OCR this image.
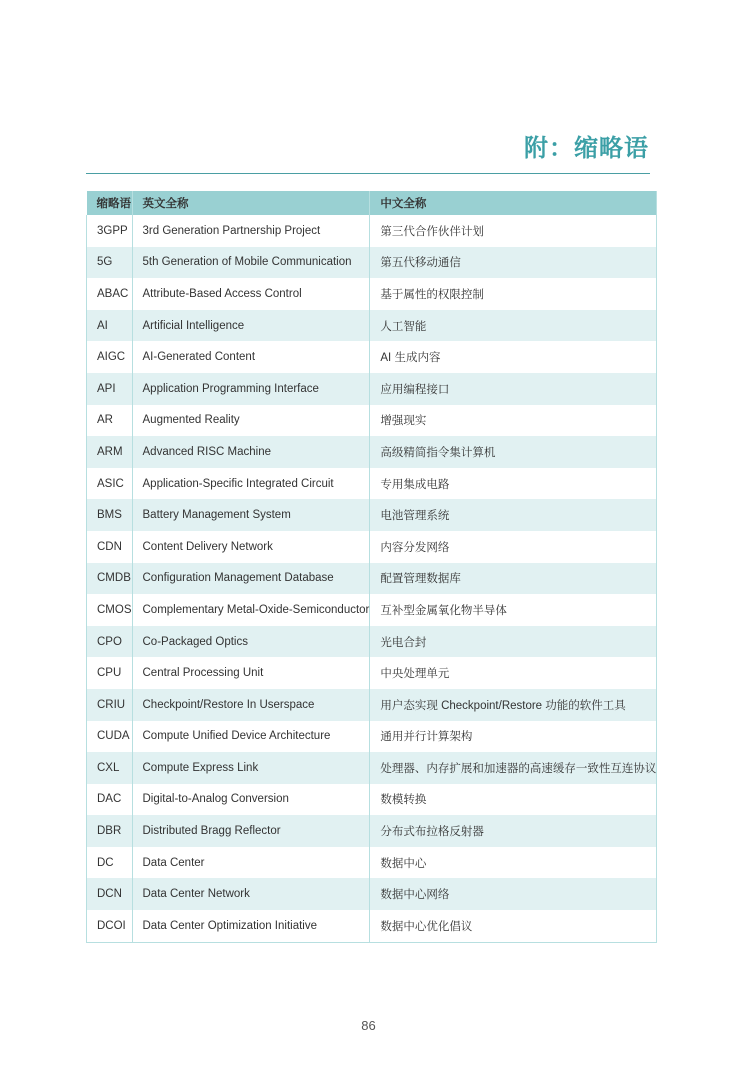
附：缩略语
缩略语	英文全称	中文全称
3GPP	3rd Generation Partnership Project	第三代合作伙伴计划
5G	5th Generation of Mobile Communication	第五代移动通信
ABAC	Attribute-Based Access Control	基于属性的权限控制
AI	Artificial Intelligence	人工智能
AIGC	AI-Generated Content	AI 生成内容
API	Application Programming Interface	应用编程接口
AR	Augmented Reality	增强现实
ARM	Advanced RISC Machine	高级精简指令集计算机
ASIC	Application-Specific Integrated Circuit	专用集成电路
BMS	Battery Management System	电池管理系统
CDN	Content Delivery Network	内容分发网络
CMDB	Configuration Management Database	配置管理数据库
CMOS	Complementary Metal-Oxide-Semiconductor	互补型金属氧化物半导体
CPO	Co-Packaged Optics	光电合封
CPU	Central Processing Unit	中央处理单元
CRIU	Checkpoint/Restore In Userspace	用户态实现 Checkpoint/Restore 功能的软件工具
CUDA	Compute Unified Device Architecture	通用并行计算架构
CXL	Compute Express Link	处理器、内存扩展和加速器的高速缓存一致性互连协议
DAC	Digital-to-Analog Conversion	数模转换
DBR	Distributed Bragg Reflector	分布式布拉格反射器
DC	Data Center	数据中心
DCN	Data Center Network	数据中心网络
DCOI	Data Center Optimization Initiative	数据中心优化倡议
86
